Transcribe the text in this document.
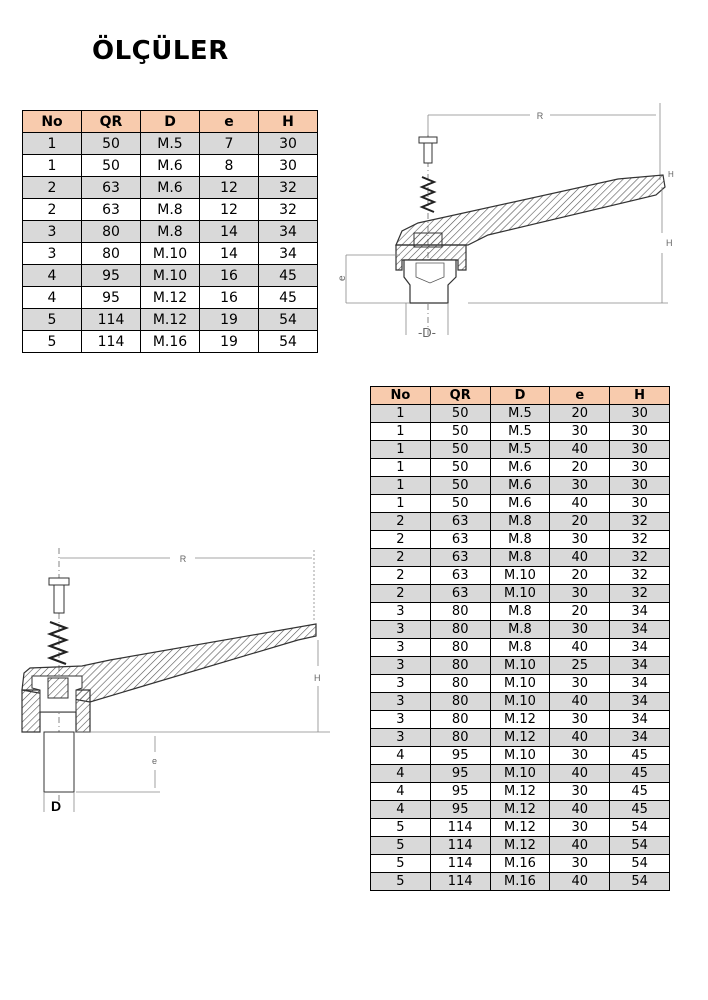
ÖLÇÜLER
No	QR	D	e	H
1	50	M.5	7	30
1	50	M.6	8	30
2	63	M.6	12	32
2	63	M.8	12	32
3	80	M.8	14	34
3	80	M.10	14	34
4	95	M.10	16	45
4	95	M.12	16	45
5	114	M.12	19	54
5	114	M.16	19	54
R
e
H
H
-D-
No	QR	D	e	H
1	50	M.5	20	30
1	50	M.5	30	30
1	50	M.5	40	30
1	50	M.6	20	30
1	50	M.6	30	30
1	50	M.6	40	30
2	63	M.8	20	32
2	63	M.8	30	32
2	63	M.8	40	32
2	63	M.10	20	32
2	63	M.10	30	32
3	80	M.8	20	34
3	80	M.8	30	34
3	80	M.8	40	34
3	80	M.10	25	34
3	80	M.10	30	34
3	80	M.10	40	34
3	80	M.12	30	34
3	80	M.12	40	34
4	95	M.10	30	45
4	95	M.10	40	45
4	95	M.12	30	45
4	95	M.12	40	45
5	114	M.12	30	54
5	114	M.12	40	54
5	114	M.16	30	54
5	114	M.16	40	54
R
H
e
D
